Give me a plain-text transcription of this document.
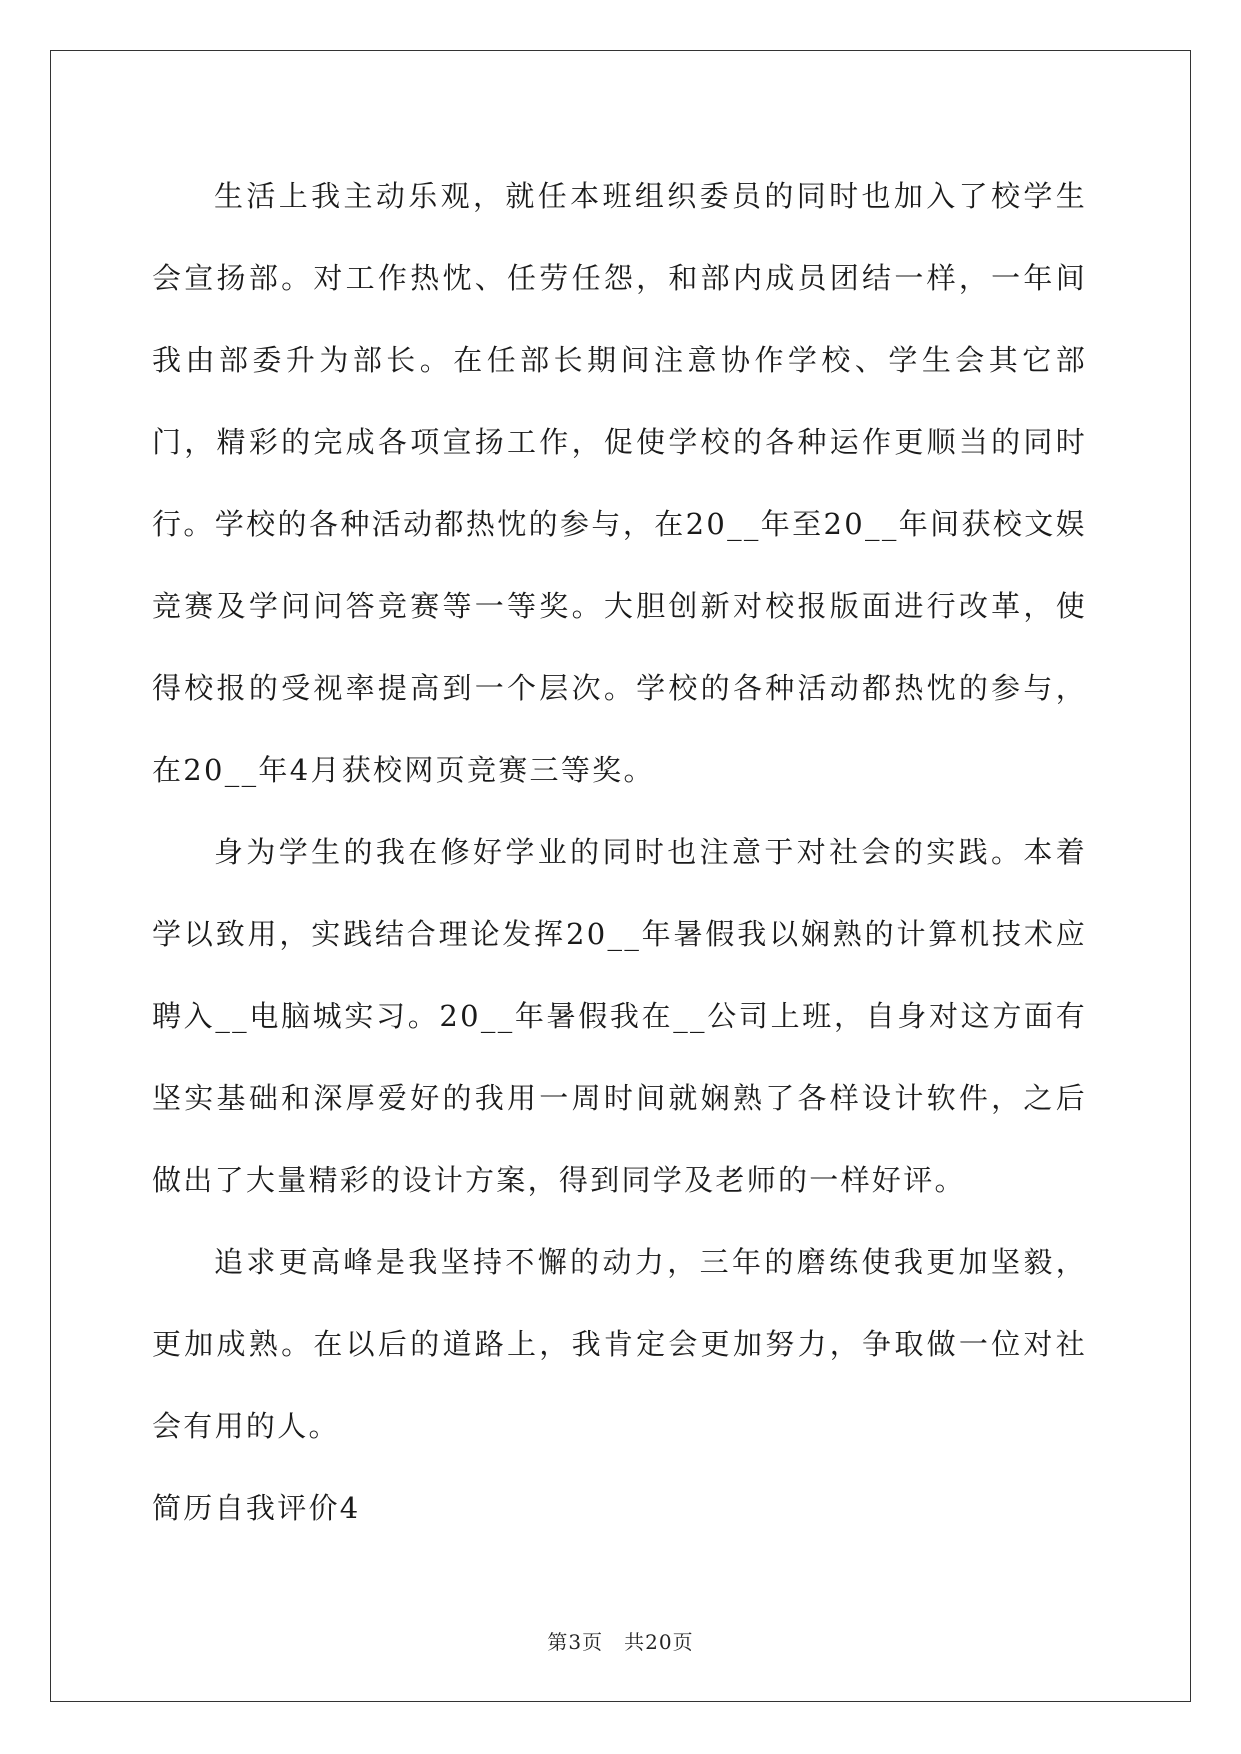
生活上我主动乐观，就任本班组织委员的同时也加入了校学生会宣扬部。对工作热忱、任劳任怨，和部内成员团结一样，一年间我由部委升为部长。在任部长期间注意协作学校、学生会其它部门，精彩的完成各项宣扬工作，促使学校的各种运作更顺当的同时行。学校的各种活动都热忱的参与，在20__年至20__年间获校文娱竞赛及学问问答竞赛等一等奖。大胆创新对校报版面进行改革，使得校报的受视率提高到一个层次。学校的各种活动都热忱的参与，在20__年4月获校网页竞赛三等奖。

身为学生的我在修好学业的同时也注意于对社会的实践。本着学以致用，实践结合理论发挥20__年暑假我以娴熟的计算机技术应聘入__电脑城实习。20__年暑假我在__公司上班，自身对这方面有坚实基础和深厚爱好的我用一周时间就娴熟了各样设计软件，之后做出了大量精彩的设计方案，得到同学及老师的一样好评。

追求更高峰是我坚持不懈的动力，三年的磨练使我更加坚毅，更加成熟。在以后的道路上，我肯定会更加努力，争取做一位对社会有用的人。

简历自我评价4

第3页　共20页
